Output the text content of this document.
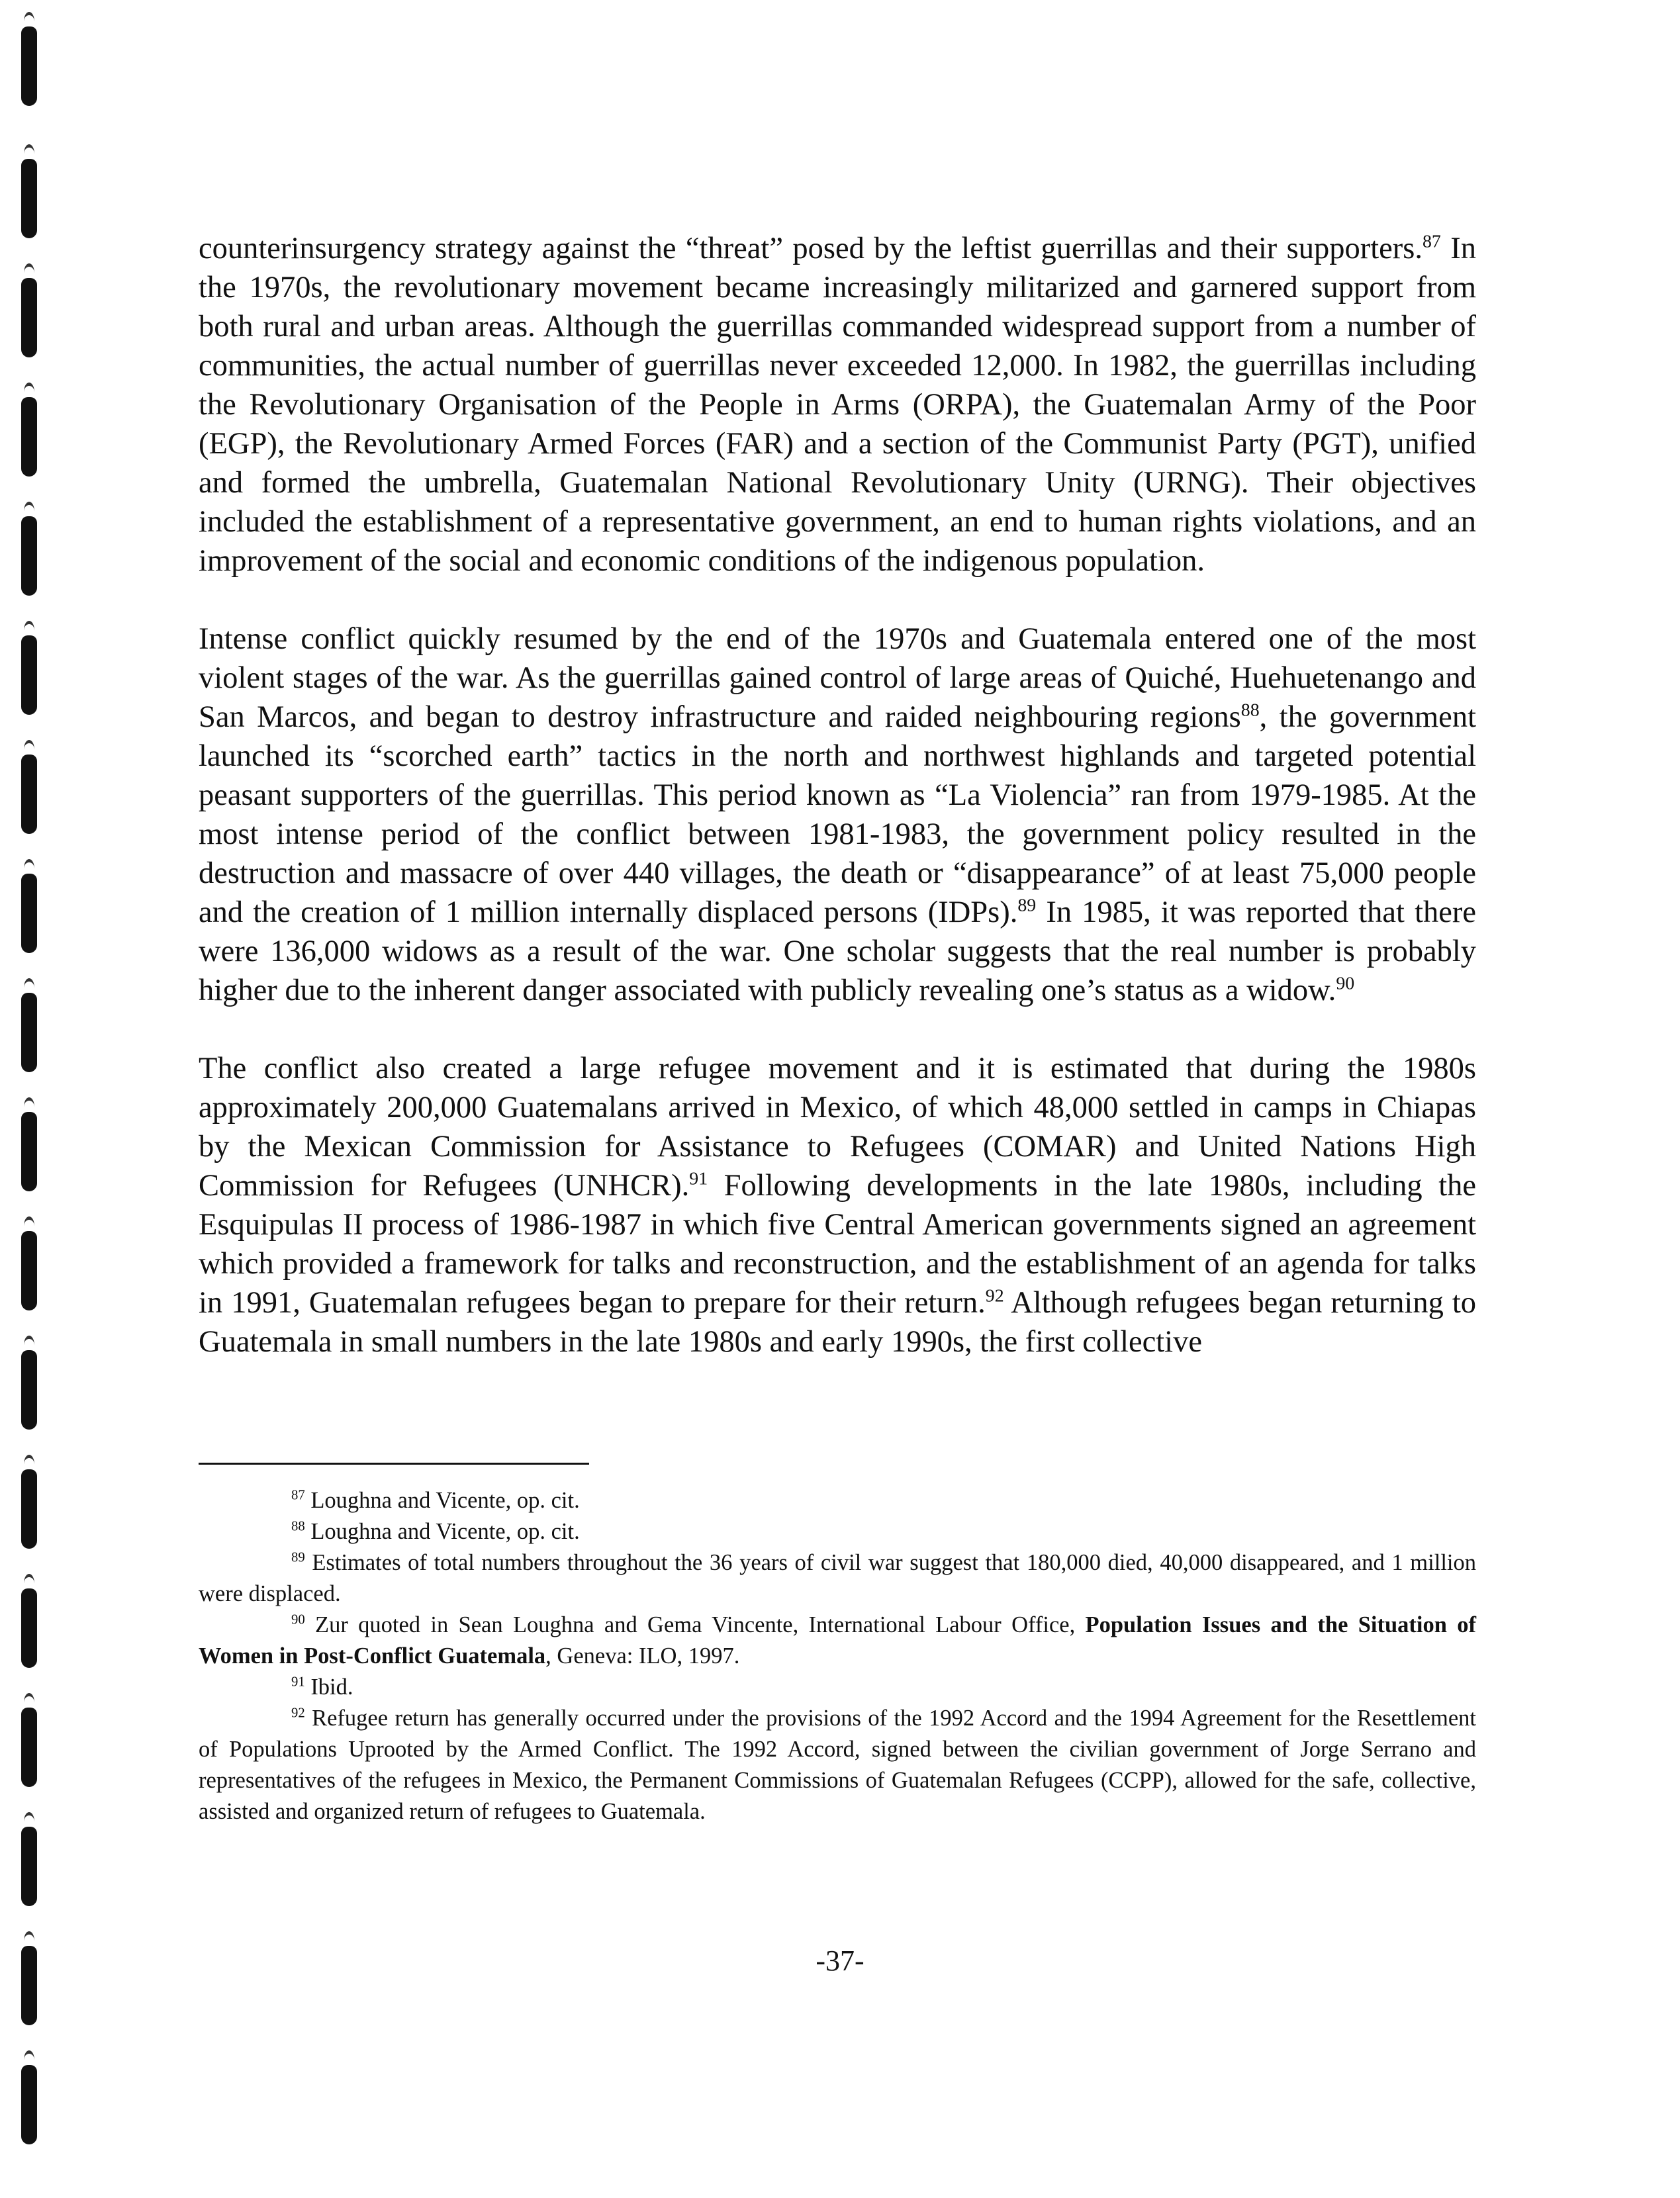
counterinsurgency strategy against the “threat” posed by the leftist guerrillas and their supporters.$^{87}$ In the 1970s, the revolutionary movement became increasingly militarized and garnered support from both rural and urban areas. Although the guerrillas commanded widespread support from a number of communities, the actual number of guerrillas never exceeded 12,000. In 1982, the guerrillas including the Revolutionary Organisation of the People in Arms (ORPA), the Guatemalan Army of the Poor (EGP), the Revolutionary Armed Forces (FAR) and a section of the Communist Party (PGT), unified and formed the umbrella, Guatemalan National Revolutionary Unity (URNG). Their objectives included the establishment of a representative government, an end to human rights violations, and an improvement of the social and economic conditions of the indigenous population.

Intense conflict quickly resumed by the end of the 1970s and Guatemala entered one of the most violent stages of the war. As the guerrillas gained control of large areas of Quiché, Huehuetenango and San Marcos, and began to destroy infrastructure and raided neighbouring regions$^{88}$, the government launched its “scorched earth” tactics in the north and northwest highlands and targeted potential peasant supporters of the guerrillas. This period known as “La Violencia” ran from 1979-1985. At the most intense period of the conflict between 1981-1983, the government policy resulted in the destruction and massacre of over 440 villages, the death or “disappearance” of at least 75,000 people and the creation of 1 million internally displaced persons (IDPs).$^{89}$ In 1985, it was reported that there were 136,000 widows as a result of the war. One scholar suggests that the real number is probably higher due to the inherent danger associated with publicly revealing one’s status as a widow.$^{90}$

The conflict also created a large refugee movement and it is estimated that during the 1980s approximately 200,000 Guatemalans arrived in Mexico, of which 48,000 settled in camps in Chiapas by the Mexican Commission for Assistance to Refugees (COMAR) and United Nations High Commission for Refugees (UNHCR).$^{91}$ Following developments in the late 1980s, including the Esquipulas II process of 1986-1987 in which five Central American governments signed an agreement which provided a framework for talks and reconstruction, and the establishment of an agenda for talks in 1991, Guatemalan refugees began to prepare for their return.$^{92}$ Although refugees began returning to Guatemala in small numbers in the late 1980s and early 1990s, the first collective

$^{87}$ Loughna and Vicente, op. cit.

$^{88}$ Loughna and Vicente, op. cit.

$^{89}$ Estimates of total numbers throughout the 36 years of civil war suggest that 180,000 died, 40,000 disappeared, and 1 million were displaced.

$^{90}$ Zur quoted in Sean Loughna and Gema Vincente, International Labour Office, Population Issues and the Situation of Women in Post-Conflict Guatemala, Geneva: ILO, 1997.

$^{91}$ Ibid.

$^{92}$ Refugee return has generally occurred under the provisions of the 1992 Accord and the 1994 Agreement for the Resettlement of Populations Uprooted by the Armed Conflict. The 1992 Accord, signed between the civilian government of Jorge Serrano and representatives of the refugees in Mexico, the Permanent Commissions of Guatemalan Refugees (CCPP), allowed for the safe, collective, assisted and organized return of refugees to Guatemala.

-37-
